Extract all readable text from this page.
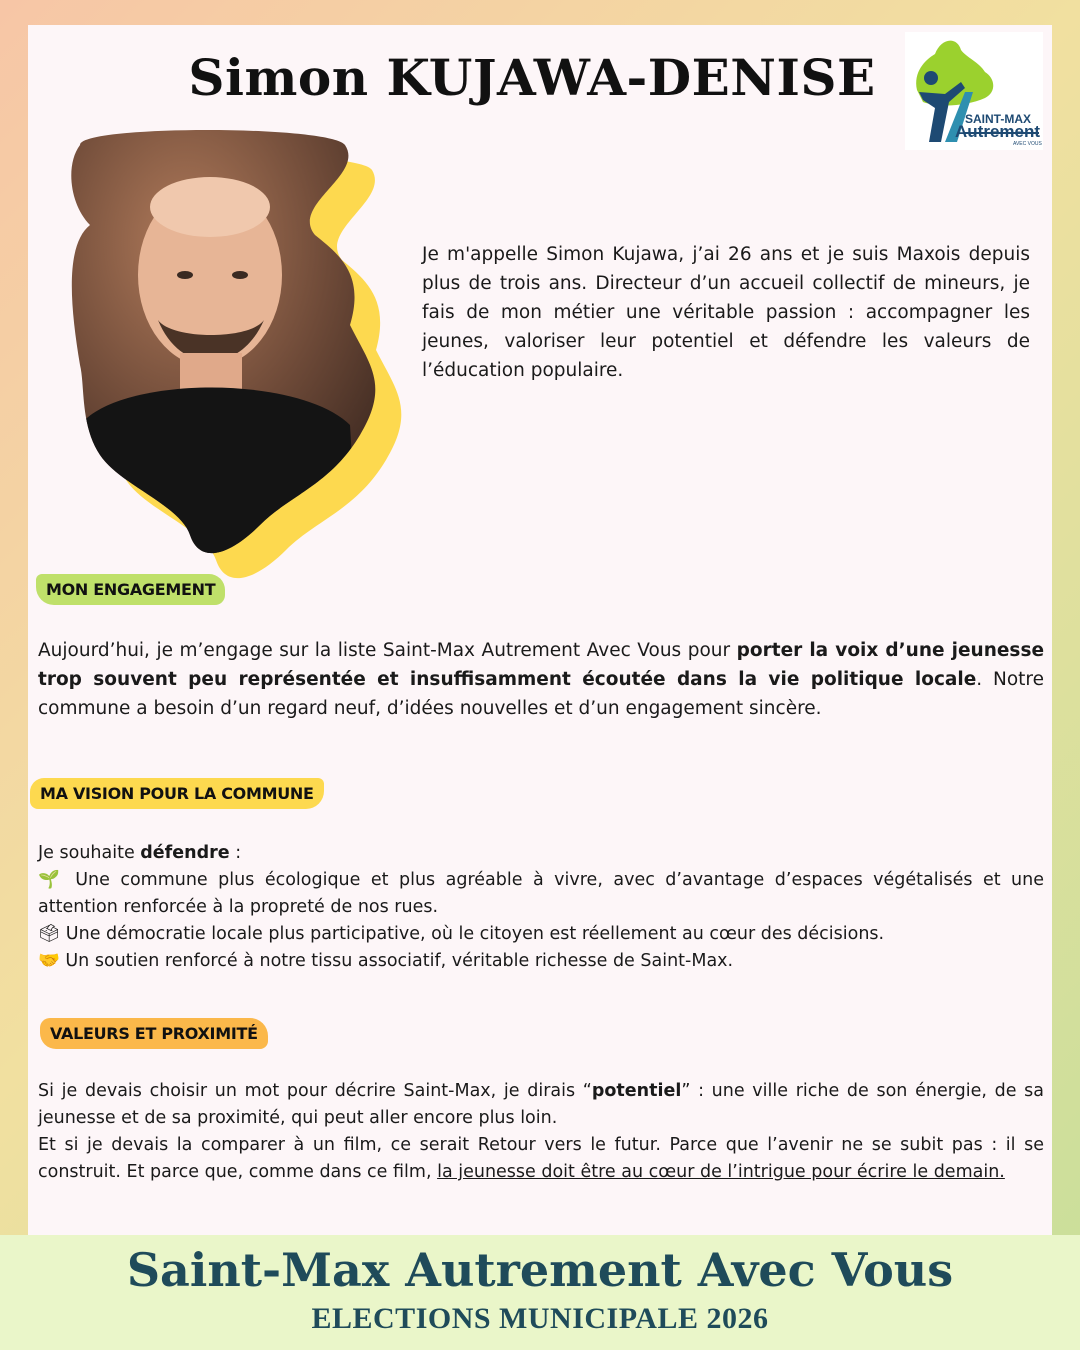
Simon KUJAWA-DENISE
SAINT-MAX
Autrement
AVEC VOUS

Je m'appelle Simon Kujawa, j’ai 26 ans et je suis Maxois depuis plus de trois ans. Directeur d’un accueil collectif de mineurs, je fais de mon métier une véritable passion : accompagner les jeunes, valoriser leur potentiel et défendre les valeurs de l’éducation populaire.

MON ENGAGEMENT

Aujourd’hui, je m’engage sur la liste Saint-Max Autrement Avec Vous pour porter la voix d’une jeunesse trop souvent peu représentée et insuffisamment écoutée dans la vie politique locale. Notre commune a besoin d’un regard neuf, d’idées nouvelles et d’un engagement sincère.

MA VISION POUR LA COMMUNE
Je souhaite défendre :
🌱 Une commune plus écologique et plus agréable à vivre, avec d’avantage d’espaces végétalisés et une attention renforcée à la propreté de nos rues.
🗳 Une démocratie locale plus participative, où le citoyen est réellement au cœur des décisions.
🤝 Un soutien renforcé à notre tissu associatif, véritable richesse de Saint-Max.
VALEURS ET PROXIMITÉ
Si je devais choisir un mot pour décrire Saint-Max, je dirais “potentiel” : une ville riche de son énergie, de sa jeunesse et de sa proximité, qui peut aller encore plus loin.
Et si je devais la comparer à un film, ce serait Retour vers le futur. Parce que l’avenir ne se subit pas : il se construit. Et parce que, comme dans ce film, la jeunesse doit être au cœur de l’intrigue pour écrire le demain.

Saint-Max Autrement Avec Vous

ELECTIONS MUNICIPALE 2026
